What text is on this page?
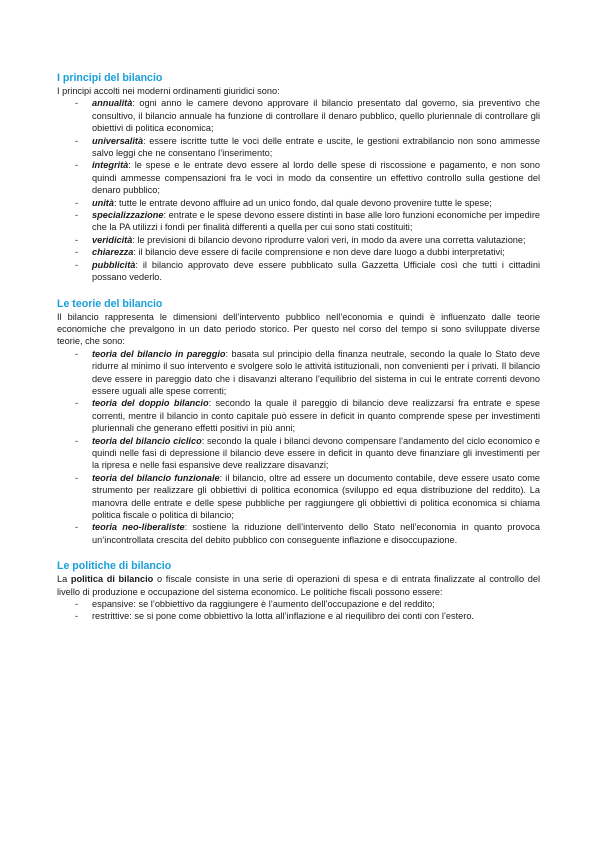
I principi del bilancio

I principi accolti nei moderni ordinamenti giuridici sono:

- annualità: ogni anno le camere devono approvare il bilancio presentato dal governo, sia preventivo che consultivo, il bilancio annuale ha funzione di controllare il denaro pubblico, quello pluriennale di controllare gli obiettivi di politica economica;
- universalità: essere iscritte tutte le voci delle entrate e uscite, le gestioni extrabilancio non sono ammesse salvo leggi che ne consentano l’inserimento;
- integrità: le spese e le entrate devo essere al lordo delle spese di riscossione e pagamento, e non sono quindi ammesse compensazioni fra le voci in modo da consentire un effettivo controllo sulla gestione del denaro pubblico;
- unità: tutte le entrate devono affluire ad un unico fondo, dal quale devono provenire tutte le spese;
- specializzazione: entrate e le spese devono essere distinti in base alle loro funzioni economiche per impedire che la PA utilizzi i fondi per finalità differenti a quella per cui sono stati costituiti;
- veridicità: le previsioni di bilancio devono riprodurre valori veri, in modo da avere una corretta valutazione;
- chiarezza: il bilancio deve essere di facile comprensione e non deve dare luogo a dubbi interpretativi;
- pubblicità: il bilancio approvato deve essere pubblicato sulla Gazzetta Ufficiale così che tutti i cittadini possano vederlo.
Le teorie del bilancio

Il bilancio rappresenta le dimensioni dell’intervento pubblico nell’economia e quindi è influenzato dalle teorie economiche che prevalgono in un dato periodo storico. Per questo nel corso del tempo si sono sviluppate diverse teorie, che sono:

- teoria del bilancio in pareggio: basata sul principio della finanza neutrale, secondo la quale lo Stato deve ridurre al minimo il suo intervento e svolgere solo le attività istituzionali, non convenienti per i privati. Il bilancio deve essere in pareggio dato che i disavanzi alterano l’equilibrio del sistema in cui le entrate correnti devono essere uguali alle spese correnti;
- teoria del doppio bilancio: secondo la quale il pareggio di bilancio deve realizzarsi fra entrate e spese correnti, mentre il bilancio in conto capitale può essere in deficit in quanto comprende spese per investimenti pluriennali che generano effetti positivi in più anni;
- teoria del bilancio ciclico: secondo la quale i bilanci devono compensare l’andamento del ciclo economico e quindi nelle fasi di depressione il bilancio deve essere in deficit in quanto deve finanziare gli investimenti per la ripresa e nelle fasi espansive deve realizzare disavanzi;
- teoria del bilancio funzionale: il bilancio, oltre ad essere un documento contabile, deve essere usato come strumento per realizzare gli obbiettivi di politica economica (sviluppo ed equa distribuzione del reddito). La manovra delle entrate e delle spese pubbliche per raggiungere gli obbiettivi di politica economica si chiama politica fiscale o politica di bilancio;
- teoria neo-liberaliste: sostiene la riduzione dell’intervento dello Stato nell’economia in quanto provoca un’incontrollata crescita del debito pubblico con conseguente inflazione e disoccupazione.
Le politiche di bilancio

La politica di bilancio o fiscale consiste in una serie di operazioni di spesa e di entrata finalizzate al controllo del livello di produzione e occupazione del sistema economico. Le politiche fiscali possono essere:

- espansive: se l’obbiettivo da raggiungere è l’aumento dell’occupazione e del reddito;
- restrittive: se si pone come obbiettivo la lotta all’inflazione e al riequilibro dei conti con l’estero.
